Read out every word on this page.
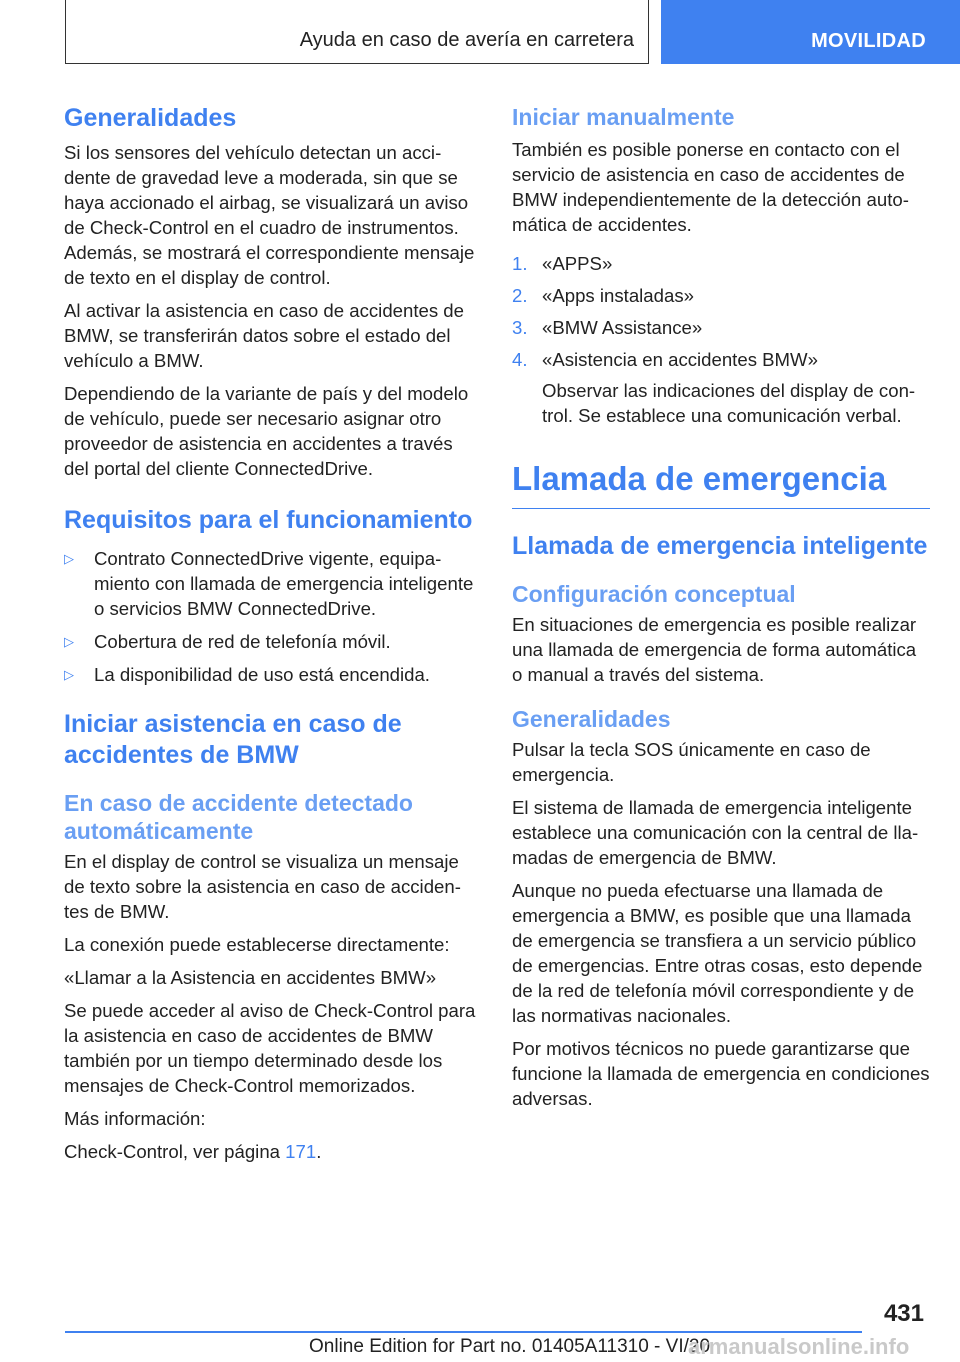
Ayuda en caso de avería en carretera	MOVILIDAD
Generalidades

Si los sensores del vehículo detectan un accidente de gravedad leve a moderada, sin que se haya accionado el airbag, se visualizará un aviso de Check-Control en el cuadro de instrumentos. Además, se mostrará el correspondiente mensaje de texto en el display de control.

Al activar la asistencia en caso de accidentes de BMW, se transferirán datos sobre el estado del vehículo a BMW.

Dependiendo de la variante de país y del modelo de vehículo, puede ser necesario asignar otro proveedor de asistencia en accidentes a través del portal del cliente ConnectedDrive.

Requisitos para el funcionamiento
▷ Contrato ConnectedDrive vigente, equipamiento con llamada de emergencia inteligente o servicios BMW ConnectedDrive.
▷ Cobertura de red de telefonía móvil.
▷ La disponibilidad de uso está encendida.
Iniciar asistencia en caso de accidentes de BMW
En caso de accidente detectado automáticamente

En el display de control se visualiza un mensaje de texto sobre la asistencia en caso de accidentes de BMW.

La conexión puede establecerse directamente:

«Llamar a la Asistencia en accidentes BMW»

Se puede acceder al aviso de Check-Control para la asistencia en caso de accidentes de BMW también por un tiempo determinado desde los mensajes de Check-Control memorizados.

Más información:

Check-Control, ver página 171.

Iniciar manualmente

También es posible ponerse en contacto con el servicio de asistencia en caso de accidentes de BMW independientemente de la detección automática de accidentes.

1. «APPS»
2. «Apps instaladas»
3. «BMW Assistance»
4. «Asistencia en accidentes BMW»
Observar las indicaciones del display de control. Se establece una comunicación verbal.
Llamada de emergencia
Llamada de emergencia inteligente
Configuración conceptual

En situaciones de emergencia es posible realizar una llamada de emergencia de forma automática o manual a través del sistema.

Generalidades

Pulsar la tecla SOS únicamente en caso de emergencia.

El sistema de llamada de emergencia inteligente establece una comunicación con la central de llamadas de emergencia de BMW.

Aunque no pueda efectuarse una llamada de emergencia a BMW, es posible que una llamada de emergencia se transfiera a un servicio público de emergencias. Entre otras cosas, esto depende de la red de telefonía móvil correspondiente y de las normativas nacionales.

Por motivos técnicos no puede garantizarse que funcione la llamada de emergencia en condiciones adversas.

431
Online Edition for Part no. 01405A11310 - VI/20
armanualsonline.info
